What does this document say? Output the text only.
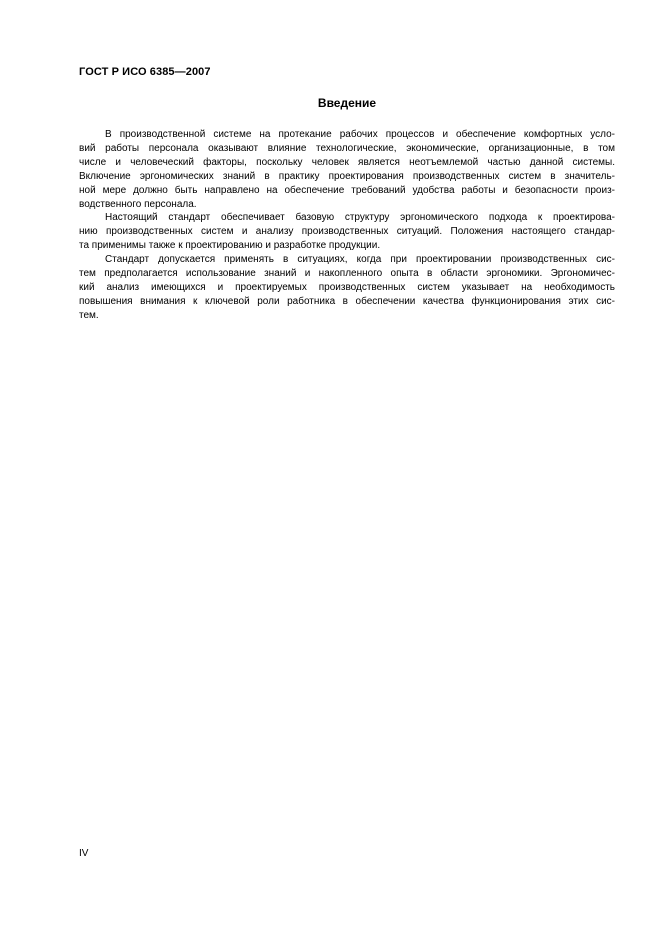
ГОСТ Р ИСО 6385—2007
Введение

В производственной системе на протекание рабочих процессов и обеспечение комфортных усло-
вий работы персонала оказывают влияние технологические, экономические, организационные, в том
числе и человеческий факторы, поскольку человек является неотъемлемой частью данной системы.
Включение эргономических знаний в практику проектирования производственных систем в значитель-
ной мере должно быть направлено на обеспечение требований удобства работы и безопасности произ-
водственного персонала.

Настоящий стандарт обеспечивает базовую структуру эргономического подхода к проектирова-
нию производственных систем и анализу производственных ситуаций. Положения настоящего стандар-
та применимы также к проектированию и разработке продукции.

Стандарт допускается применять в ситуациях, когда при проектировании производственных сис-
тем предполагается использование знаний и накопленного опыта в области эргономики. Эргономичес-
кий анализ имеющихся и проектируемых производственных систем указывает на необходимость
повышения внимания к ключевой роли работника в обеспечении качества функционирования этих сис-
тем.

IV
